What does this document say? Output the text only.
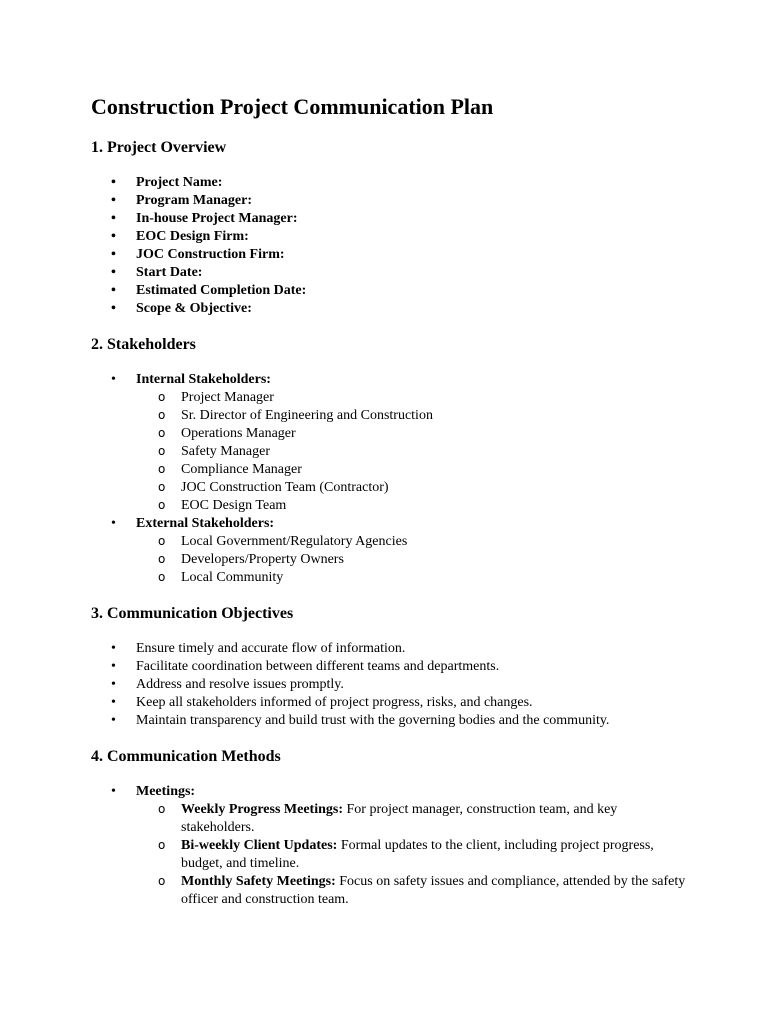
Construction Project Communication Plan
1. Project Overview
• Project Name:
• Program Manager:
• In-house Project Manager:
• EOC Design Firm:
• JOC Construction Firm:
• Start Date:
• Estimated Completion Date:
• Scope & Objective:
2. Stakeholders
• Internal Stakeholders:
o Project Manager
o Sr. Director of Engineering and Construction
o Operations Manager
o Safety Manager
o Compliance Manager
o JOC Construction Team (Contractor)
o EOC Design Team
• External Stakeholders:
o Local Government/Regulatory Agencies
o Developers/Property Owners
o Local Community
3. Communication Objectives
• Ensure timely and accurate flow of information.
• Facilitate coordination between different teams and departments.
• Address and resolve issues promptly.
• Keep all stakeholders informed of project progress, risks, and changes.
• Maintain transparency and build trust with the governing bodies and the community.
4. Communication Methods
• Meetings:
o Weekly Progress Meetings: For project manager, construction team, and key stakeholders.
o Bi-weekly Client Updates: Formal updates to the client, including project progress, budget, and timeline.
o Monthly Safety Meetings: Focus on safety issues and compliance, attended by the safety officer and construction team.
